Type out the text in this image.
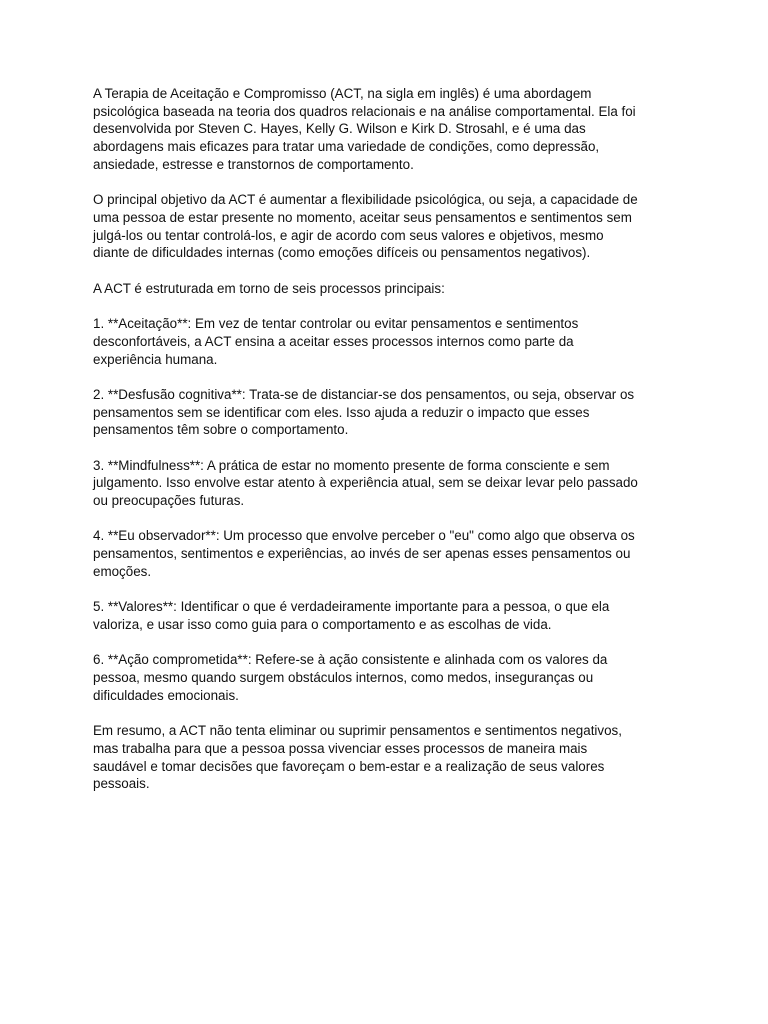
A Terapia de Aceitação e Compromisso (ACT, na sigla em inglês) é uma abordagem
psicológica baseada na teoria dos quadros relacionais e na análise comportamental. Ela foi
desenvolvida por Steven C. Hayes, Kelly G. Wilson e Kirk D. Strosahl, e é uma das
abordagens mais eficazes para tratar uma variedade de condições, como depressão,
ansiedade, estresse e transtornos de comportamento.
O principal objetivo da ACT é aumentar a flexibilidade psicológica, ou seja, a capacidade de
uma pessoa de estar presente no momento, aceitar seus pensamentos e sentimentos sem
julgá-los ou tentar controlá-los, e agir de acordo com seus valores e objetivos, mesmo
diante de dificuldades internas (como emoções difíceis ou pensamentos negativos).
A ACT é estruturada em torno de seis processos principais:
1. **Aceitação**: Em vez de tentar controlar ou evitar pensamentos e sentimentos
desconfortáveis, a ACT ensina a aceitar esses processos internos como parte da
experiência humana.
2. **Desfusão cognitiva**: Trata-se de distanciar-se dos pensamentos, ou seja, observar os
pensamentos sem se identificar com eles. Isso ajuda a reduzir o impacto que esses
pensamentos têm sobre o comportamento.
3. **Mindfulness**: A prática de estar no momento presente de forma consciente e sem
julgamento. Isso envolve estar atento à experiência atual, sem se deixar levar pelo passado
ou preocupações futuras.
4. **Eu observador**: Um processo que envolve perceber o "eu" como algo que observa os
pensamentos, sentimentos e experiências, ao invés de ser apenas esses pensamentos ou
emoções.
5. **Valores**: Identificar o que é verdadeiramente importante para a pessoa, o que ela
valoriza, e usar isso como guia para o comportamento e as escolhas de vida.
6. **Ação comprometida**: Refere-se à ação consistente e alinhada com os valores da
pessoa, mesmo quando surgem obstáculos internos, como medos, inseguranças ou
dificuldades emocionais.
Em resumo, a ACT não tenta eliminar ou suprimir pensamentos e sentimentos negativos,
mas trabalha para que a pessoa possa vivenciar esses processos de maneira mais
saudável e tomar decisões que favoreçam o bem-estar e a realização de seus valores
pessoais.
